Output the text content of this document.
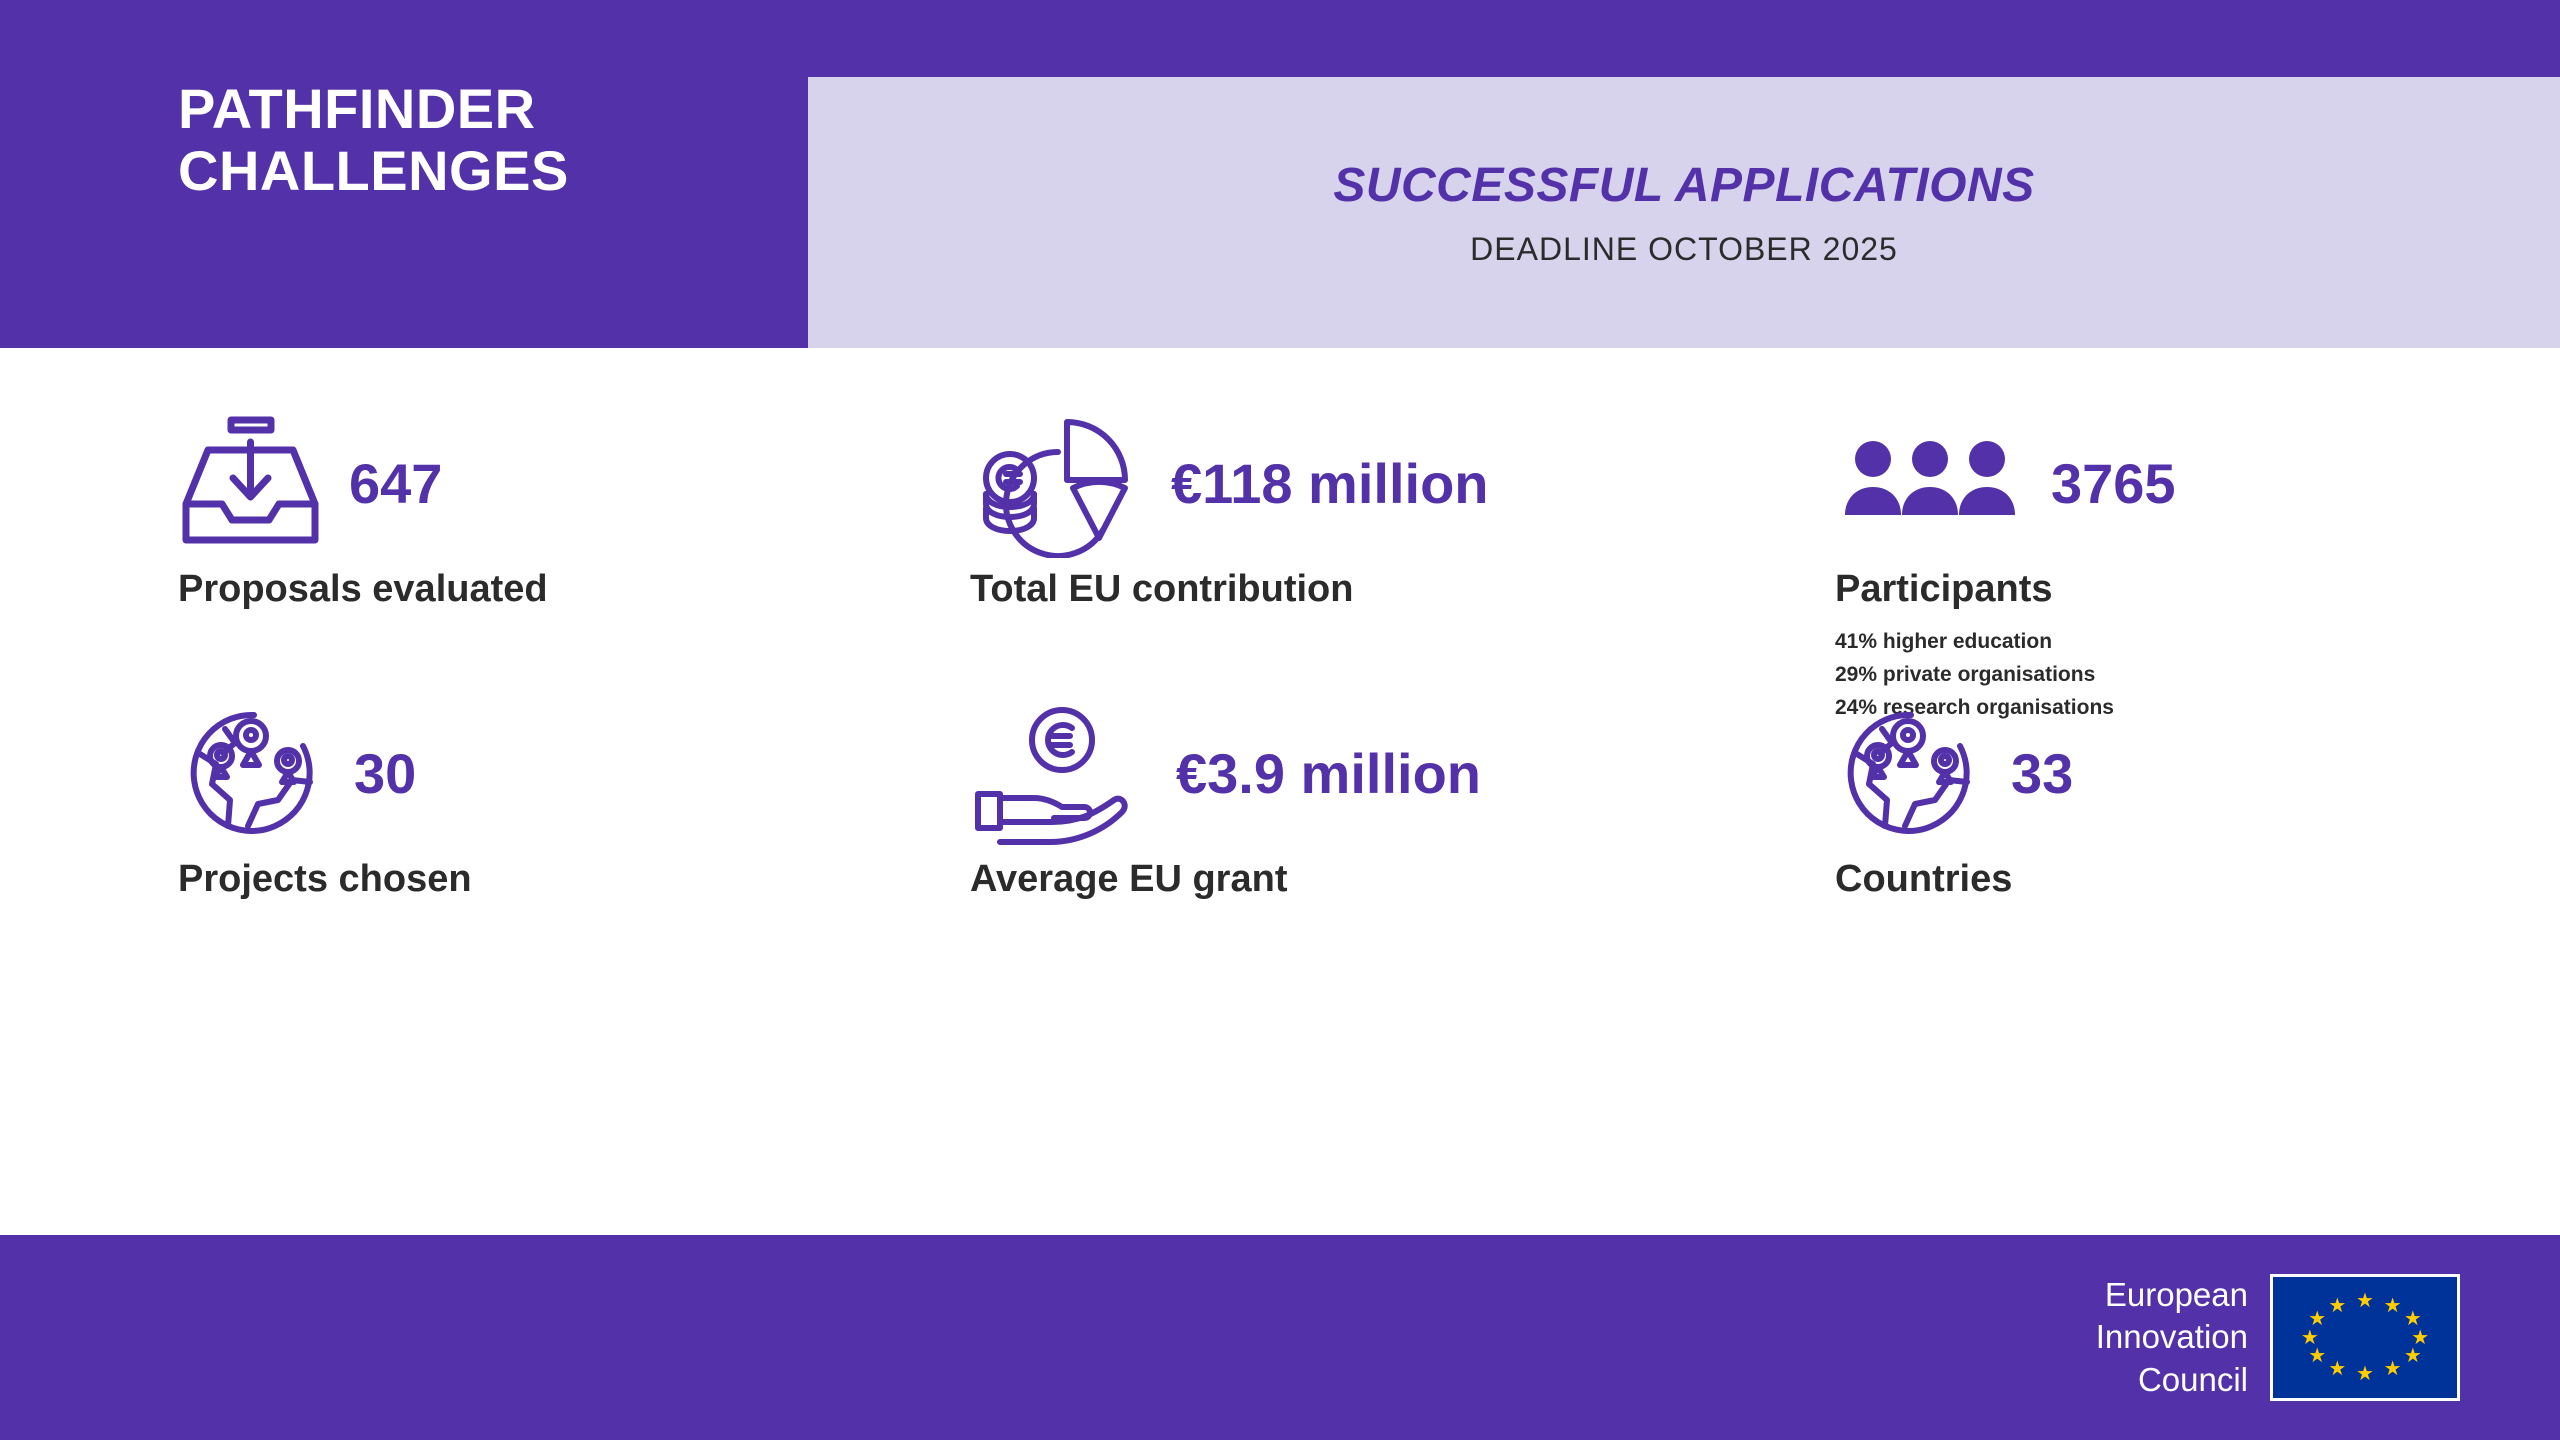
PATHFINDER
CHALLENGES	SUCCESSFUL APPLICATIONS
DEADLINE OCTOBER 2025
647
Proposals evaluated
€118 million
Total EU contribution
3765
Participants
41% higher education
29% private organisations
24% research organisations
30
Projects chosen
€3.9 million
Average EU grant
33
Countries
European
Innovation
Council
★ ★
★
★
★
★
★
★
★
★
★
★
